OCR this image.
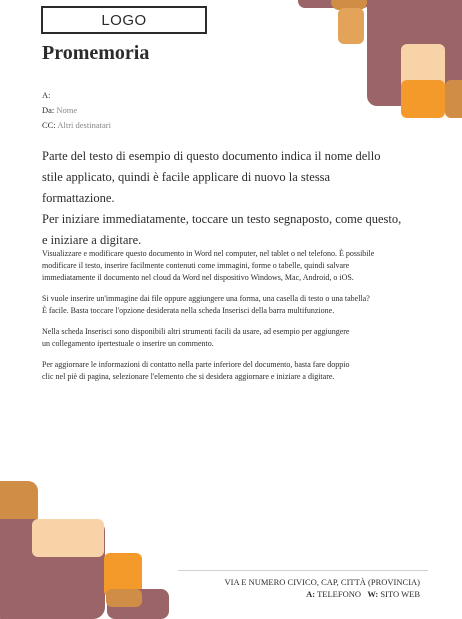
LOGO
Promemoria
A:
Da: Nome
CC: Altri destinatari
Parte del testo di esempio di questo documento indica il nome dello
stile applicato, quindi è facile applicare di nuovo la stessa formattazione.
Per iniziare immediatamente, toccare un testo segnaposto, come questo,
e iniziare a digitare.

Visualizzare e modificare questo documento in Word nel computer, nel tablet o nel telefono. È possibile
modificare il testo, inserire facilmente contenuti come immagini, forme o tabelle, quindi salvare
immediatamente il documento nel cloud da Word nel dispositivo Windows, Mac, Android, o iOS.

Si vuole inserire un'immagine dai file oppure aggiungere una forma, una casella di testo o una tabella?
È facile. Basta toccare l'opzione desiderata nella scheda Inserisci della barra multifunzione.

Nella scheda Inserisci sono disponibili altri strumenti facili da usare, ad esempio per aggiungere
un collegamento ipertestuale o inserire un commento.

Per aggiornare le informazioni di contatto nella parte inferiore del documento, basta fare doppio
clic nel piè di pagina, selezionare l'elemento che si desidera aggiornare e iniziare a digitare.

VIA E NUMERO CIVICO, CAP, CITTÀ (PROVINCIA)
A: TELEFONO W: SITO WEB
